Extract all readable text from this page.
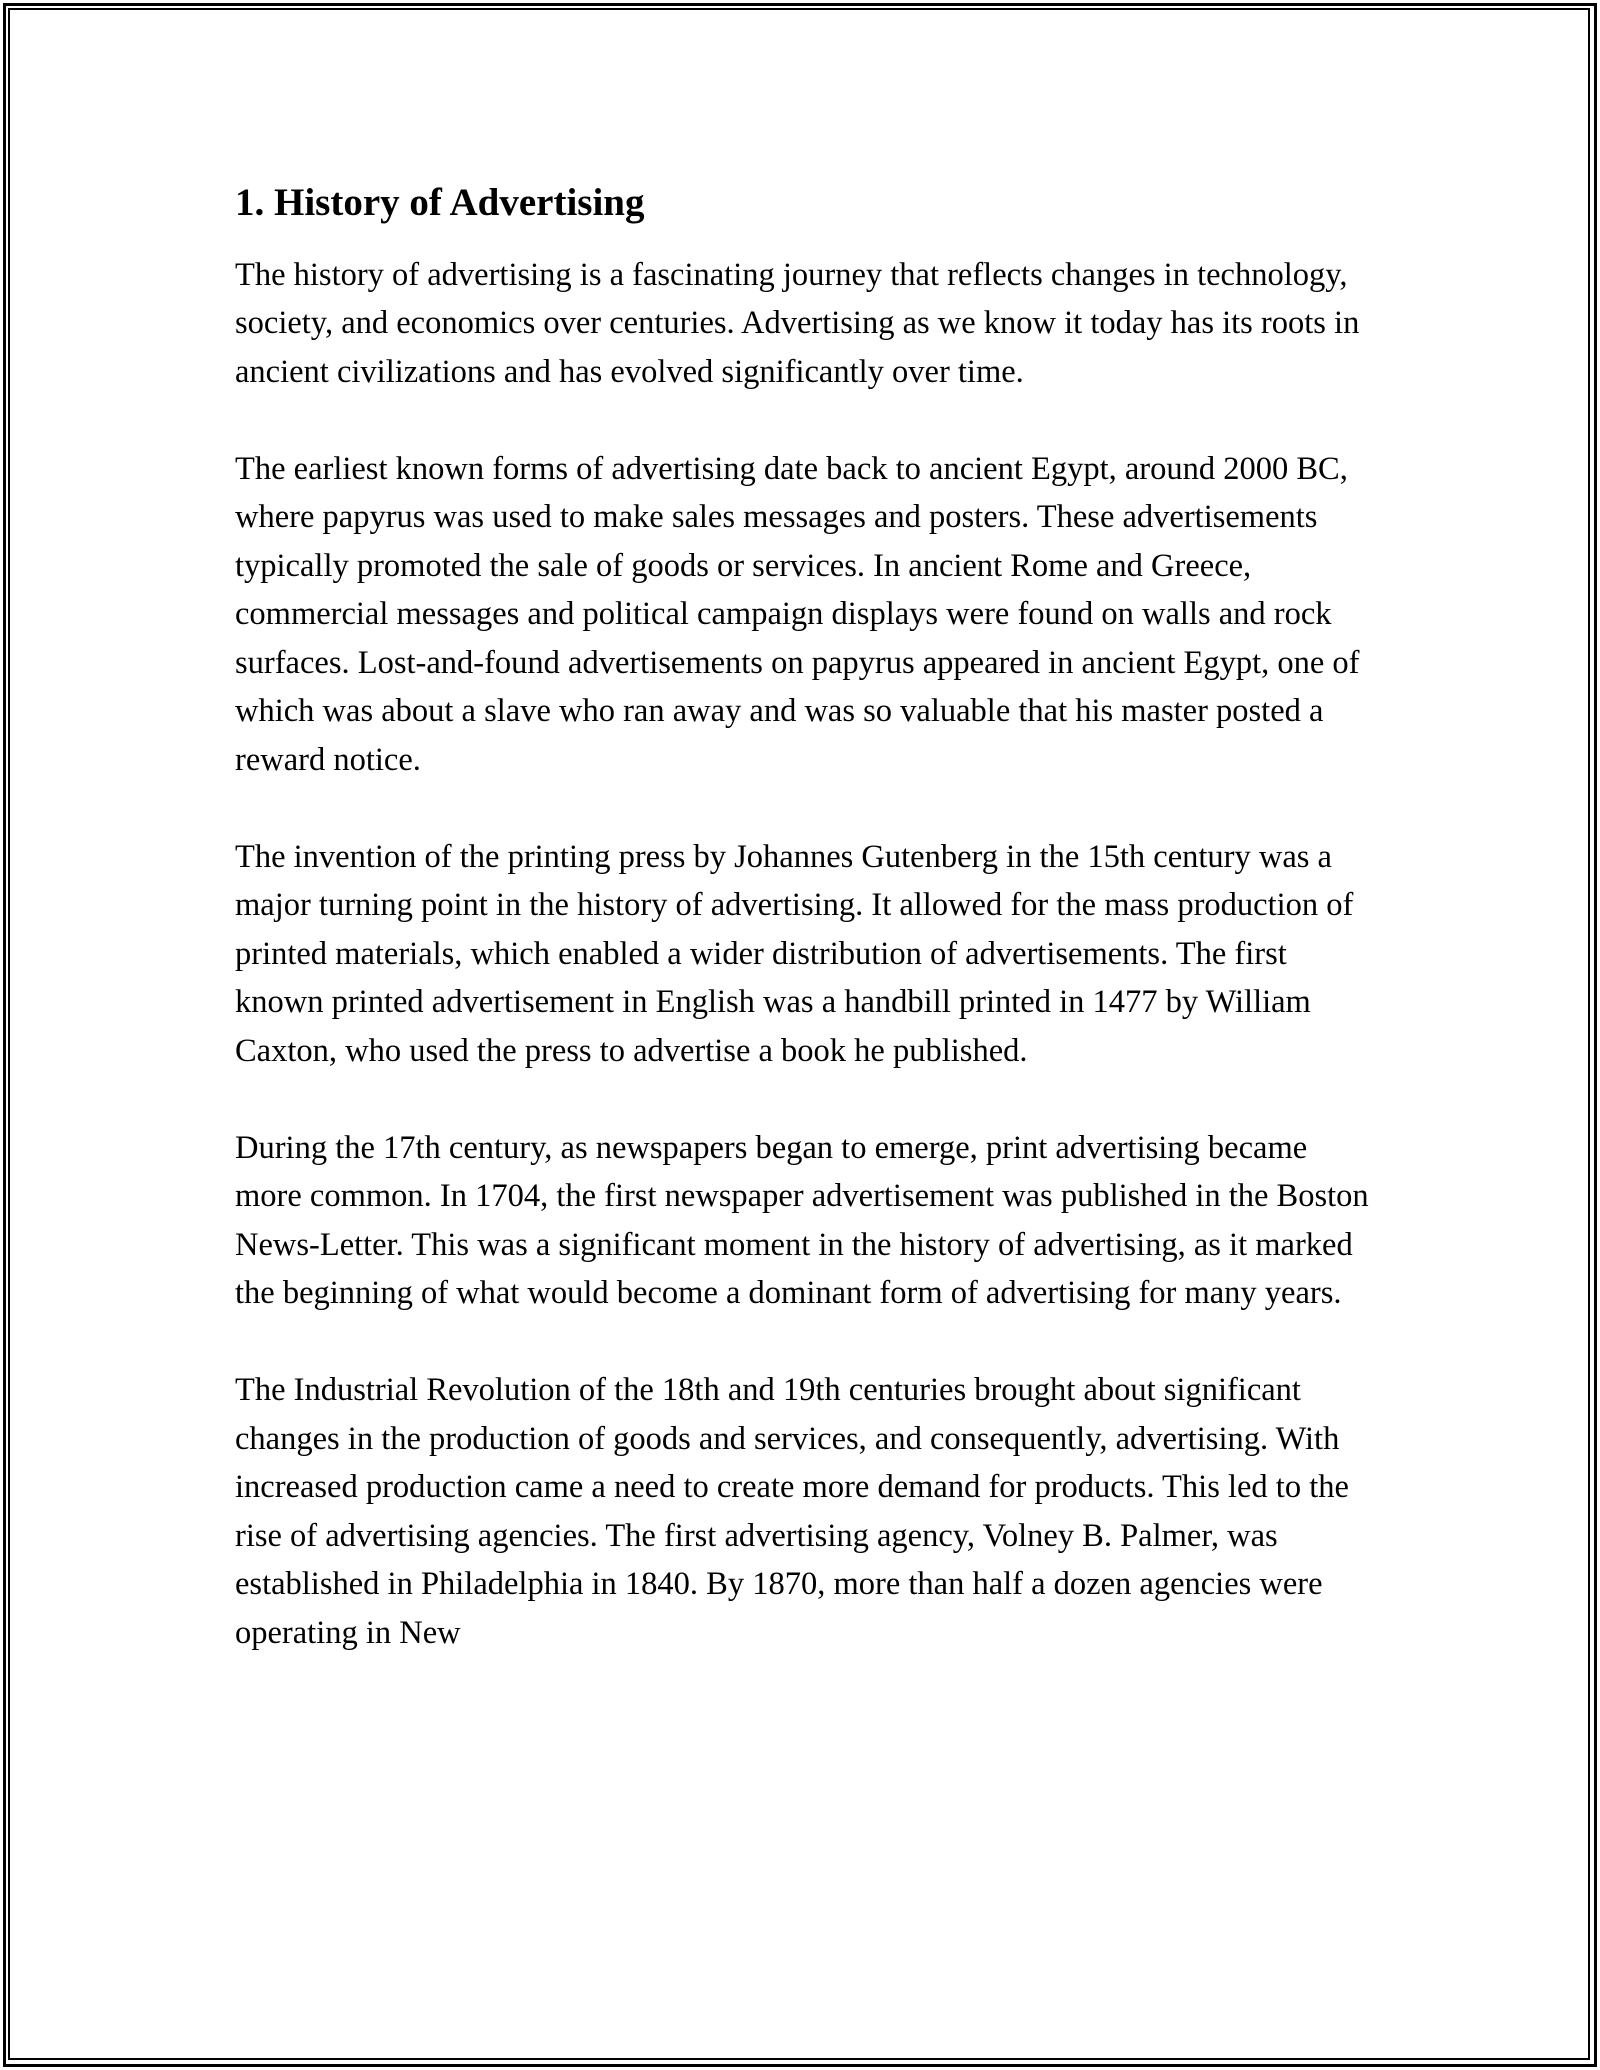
1. History of Advertising

The history of advertising is a fascinating journey that reflects changes in technology, society, and economics over centuries. Advertising as we know it today has its roots in ancient civilizations and has evolved significantly over time.

The earliest known forms of advertising date back to ancient Egypt, around 2000 BC, where papyrus was used to make sales messages and posters. These advertisements typically promoted the sale of goods or services. In ancient Rome and Greece, commercial messages and political campaign displays were found on walls and rock surfaces. Lost-and-found advertisements on papyrus appeared in ancient Egypt, one of which was about a slave who ran away and was so valuable that his master posted a reward notice.

The invention of the printing press by Johannes Gutenberg in the 15th century was a major turning point in the history of advertising. It allowed for the mass production of printed materials, which enabled a wider distribution of advertisements. The first known printed advertisement in English was a handbill printed in 1477 by William Caxton, who used the press to advertise a book he published.

During the 17th century, as newspapers began to emerge, print advertising became more common. In 1704, the first newspaper advertisement was published in the Boston News-Letter. This was a significant moment in the history of advertising, as it marked the beginning of what would become a dominant form of advertising for many years.

The Industrial Revolution of the 18th and 19th centuries brought about significant changes in the production of goods and services, and consequently, advertising. With increased production came a need to create more demand for products. This led to the rise of advertising agencies. The first advertising agency, Volney B. Palmer, was established in Philadelphia in 1840. By 1870, more than half a dozen agencies were operating in New
